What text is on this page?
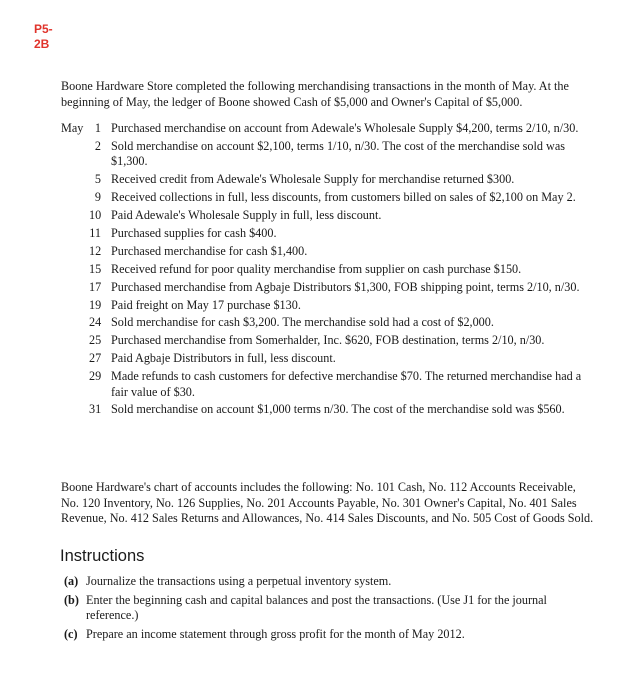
P5-
2B

Boone Hardware Store completed the following merchandising transactions in the month of May. At the beginning of May, the ledger of Boone showed Cash of $5,000 and Owner's Capital of $5,000.

May 1 Purchased merchandise on account from Adewale's Wholesale Supply $4,200, terms 2/10, n/30.
2 Sold merchandise on account $2,100, terms 1/10, n/30. The cost of the merchandise sold was $1,300.
5 Received credit from Adewale's Wholesale Supply for merchandise returned $300.
9 Received collections in full, less discounts, from customers billed on sales of $2,100 on May 2.
10 Paid Adewale's Wholesale Supply in full, less discount.
11 Purchased supplies for cash $400.
12 Purchased merchandise for cash $1,400.
15 Received refund for poor quality merchandise from supplier on cash purchase $150.
17 Purchased merchandise from Agbaje Distributors $1,300, FOB shipping point, terms 2/10, n/30.
19 Paid freight on May 17 purchase $130.
24 Sold merchandise for cash $3,200. The merchandise sold had a cost of $2,000.
25 Purchased merchandise from Somerhalder, Inc. $620, FOB destination, terms 2/10, n/30.
27 Paid Agbaje Distributors in full, less discount.
29 Made refunds to cash customers for defective merchandise $70. The returned merchandise had a fair value of $30.
31 Sold merchandise on account $1,000 terms n/30. The cost of the merchandise sold was $560.

Boone Hardware's chart of accounts includes the following: No. 101 Cash, No. 112 Accounts Receivable, No. 120 Inventory, No. 126 Supplies, No. 201 Accounts Payable, No. 301 Owner's Capital, No. 401 Sales Revenue, No. 412 Sales Returns and Allowances, No. 414 Sales Discounts, and No. 505 Cost of Goods Sold.

Instructions
(a) Journalize the transactions using a perpetual inventory system.
(b) Enter the beginning cash and capital balances and post the transactions. (Use J1 for the journal reference.)
(c) Prepare an income statement through gross profit for the month of May 2012.
